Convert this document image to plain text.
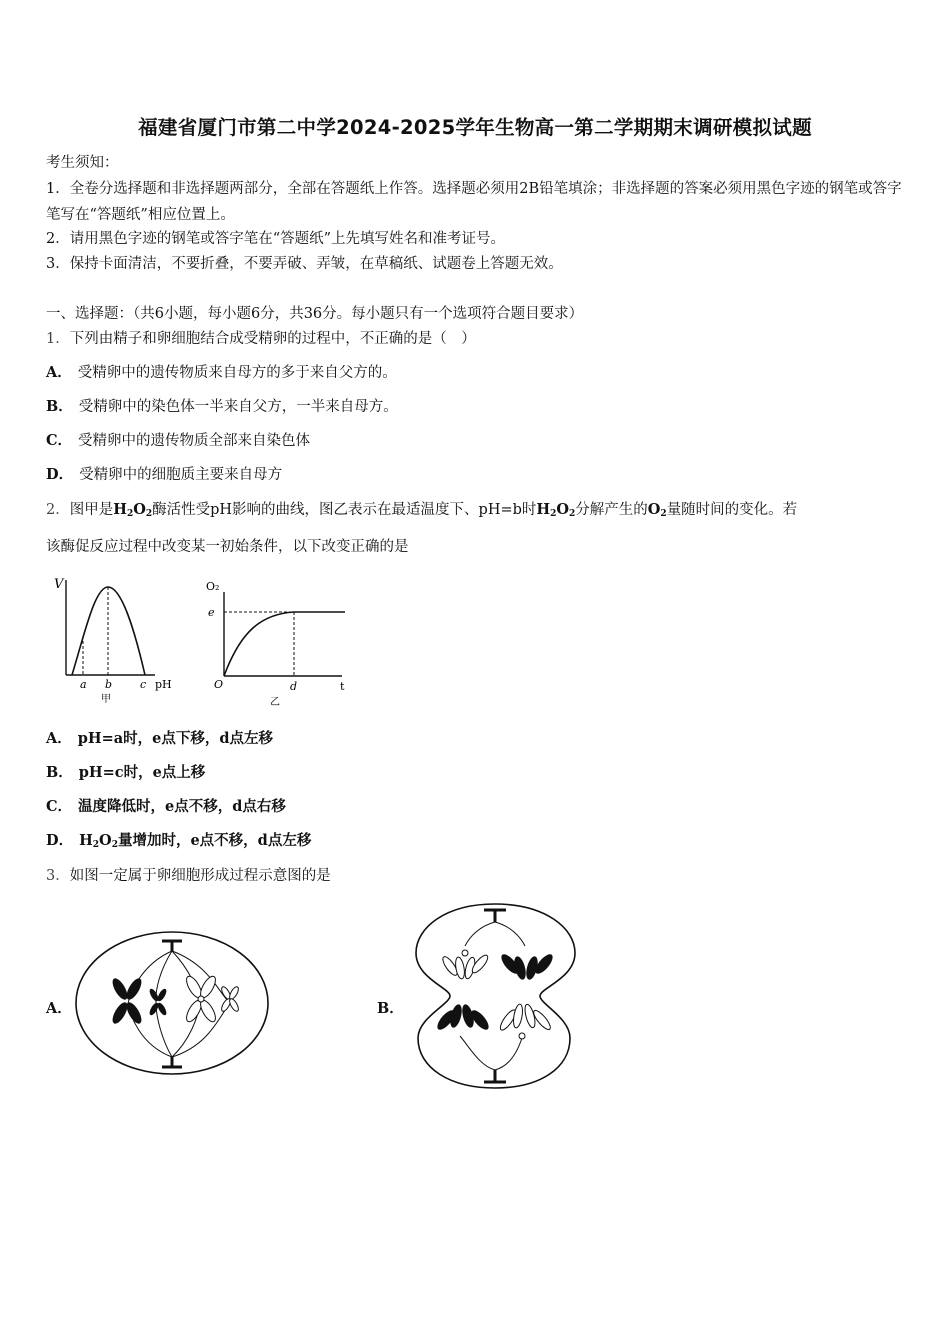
福建省厦门市第二中学2024-2025学年生物高一第二学期期末调研模拟试题
考生须知：
1．全卷分选择题和非选择题两部分，全部在答题纸上作答。选择题必须用2B铅笔填涂；非选择题的答案必须用黑色字迹的钢笔或答字笔写在“答题纸”相应位置上。
2．请用黑色字迹的钢笔或答字笔在“答题纸”上先填写姓名和准考证号。
3．保持卡面清洁，不要折叠，不要弄破、弄皱，在草稿纸、试题卷上答题无效。
一、选择题：（共6小题，每小题6分，共36分。每小题只有一个选项符合题目要求）
1．下列由精子和卵细胞结合成受精卵的过程中，不正确的是（　）
A． 受精卵中的遗传物质来自母方的多于来自父方的。
B． 受精卵中的染色体一半来自父方，一半来自母方。
C． 受精卵中的遗传物质全部来自染色体
D． 受精卵中的细胞质主要来自母方
2．图甲是$H_2O_2$酶活性受pH影响的曲线，图乙表示在最适温度下、pH=b时$H_2O_2$分解产生的$O_2$量随时间的变化。若
该酶促反应过程中改变某一初始条件，以下改变正确的是
V
a b	c pH
甲
O₂
e
O	d	t
乙
A． pH=a时，e点下移，d点左移
B． pH=c时，e点上移
C． 温度降低时，e点不移，d点右移
D． $H_2O_2$量增加时，e点不移，d点左移
3．如图一定属于卵细胞形成过程示意图的是
A．	B．
